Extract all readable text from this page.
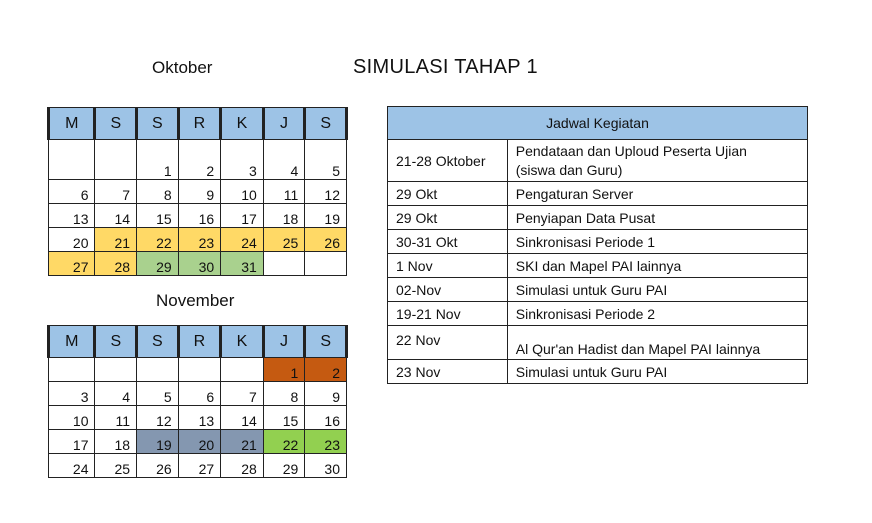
Oktober	SIMULASI TAHAP 1
November
M	S	S	R	K	J	S
		1	2	3	4	5
6	7	8	9	10	11	12
13	14	15	16	17	18	19
20	21	22	23	24	25	26
27	28	29	30	31		
M	S	S	R	K	J	S
					1	2
3	4	5	6	7	8	9
10	11	12	13	14	15	16
17	18	19	20	21	22	23
24	25	26	27	28	29	30
Jadwal Kegiatan	
21-28 Oktober	Pendataan dan Uploud Peserta Ujian
(siswa dan Guru)

29 Okt	Pengaturan Server
29 Okt	Penyiapan Data Pusat
30-31 Okt	Sinkronisasi Periode 1
1 Nov	SKI dan Mapel PAI lainnya
02-Nov	Simulasi untuk Guru PAI
19-21 Nov	Sinkronisasi Periode 2
22 Nov	Al Qur'an Hadist dan Mapel PAI lainnya
23 Nov	Simulasi untuk Guru PAI
